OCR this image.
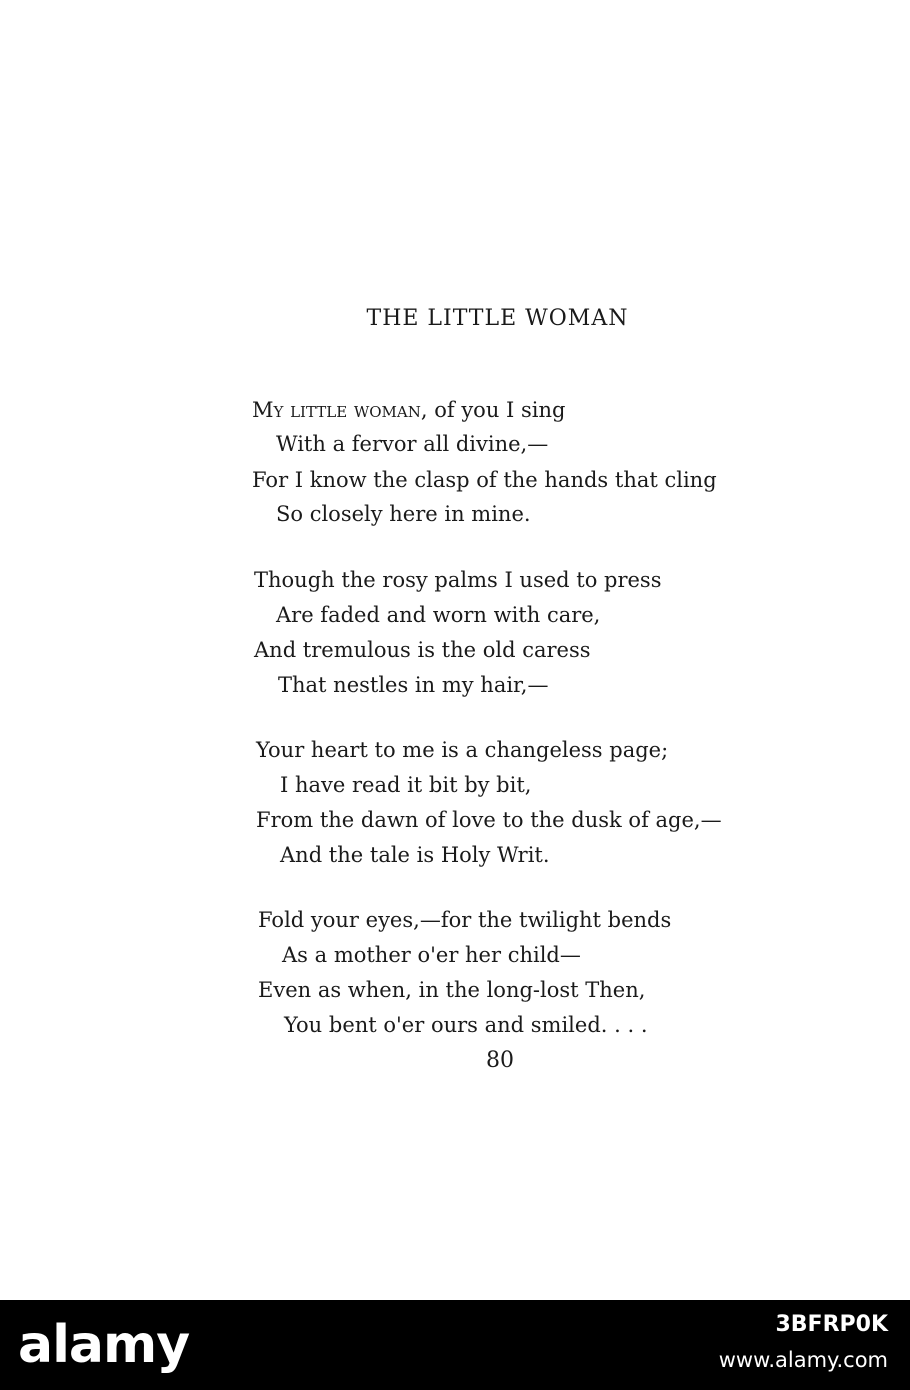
THE LITTLE WOMAN
My little woman, of you I sing
With a fervor all divine,—
For I know the clasp of the hands that cling
So closely here in mine.
Though the rosy palms I used to press
Are faded and worn with care,
And tremulous is the old caress
That nestles in my hair,—
Your heart to me is a changeless page;
I have read it bit by bit,
From the dawn of love to the dusk of age,—
And the tale is Holy Writ.
Fold your eyes,—for the twilight bends
As a mother o'er her child—
Even as when, in the long-lost Then,
You bent o'er ours and smiled. . . .
80
alamy	3BFRP0K
www.alamy.com
